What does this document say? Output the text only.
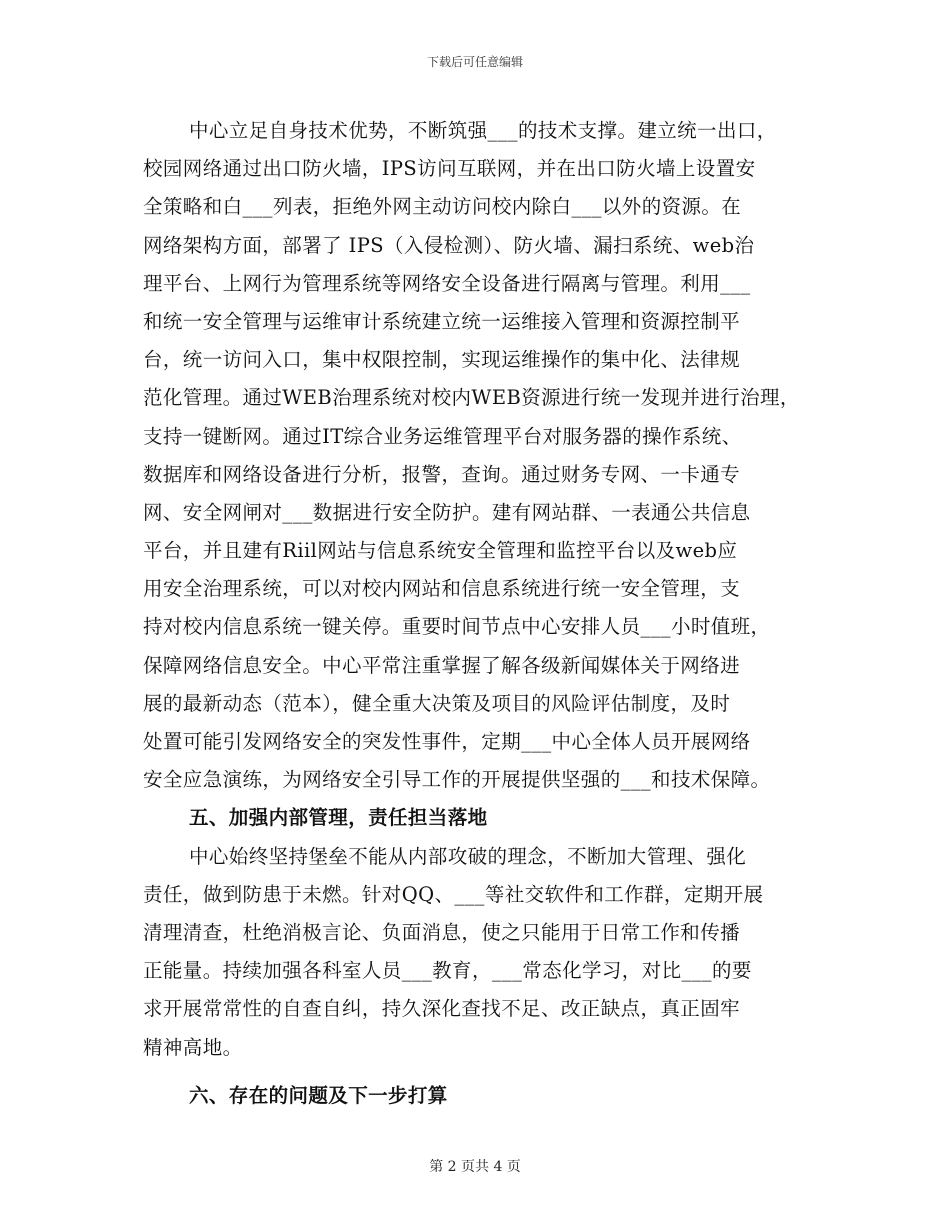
下载后可任意编辑
中心立足自身技术优势，不断筑强___的技术支撑。建立统一出口，
校园网络通过出口防火墙，IPS访问互联网，并在出口防火墙上设置安
全策略和白___列表，拒绝外网主动访问校内除白___以外的资源。在
网络架构方面，部署了 IPS（入侵检测）、防火墙、漏扫系统、web治
理平台、上网行为管理系统等网络安全设备进行隔离与管理。利用___
和统一安全管理与运维审计系统建立统一运维接入管理和资源控制平
台，统一访问入口，集中权限控制，实现运维操作的集中化、法律规
范化管理。通过WEB治理系统对校内WEB资源进行统一发现并进行治理，
支持一键断网。通过IT综合业务运维管理平台对服务器的操作系统、
数据库和网络设备进行分析，报警，查询。通过财务专网、一卡通专
网、安全网闸对___数据进行安全防护。建有网站群、一表通公共信息
平台，并且建有Riil网站与信息系统安全管理和监控平台以及web应
用安全治理系统，可以对校内网站和信息系统进行统一安全管理，支
持对校内信息系统一键关停。重要时间节点中心安排人员___小时值班，
保障网络信息安全。中心平常注重掌握了解各级新闻媒体关于网络进
展的最新动态（范本），健全重大决策及项目的风险评估制度，及时
处置可能引发网络安全的突发性事件，定期___中心全体人员开展网络
安全应急演练，为网络安全引导工作的开展提供坚强的___和技术保障。
五、加强内部管理，责任担当落地
中心始终坚持堡垒不能从内部攻破的理念，不断加大管理、强化
责任，做到防患于未燃。针对QQ、___等社交软件和工作群，定期开展
清理清查，杜绝消极言论、负面消息，使之只能用于日常工作和传播
正能量。持续加强各科室人员___教育，___常态化学习，对比___的要
求开展常常性的自查自纠，持久深化查找不足、改正缺点，真正固牢
精神高地。
六、存在的问题及下一步打算
第 2 页共 4 页
